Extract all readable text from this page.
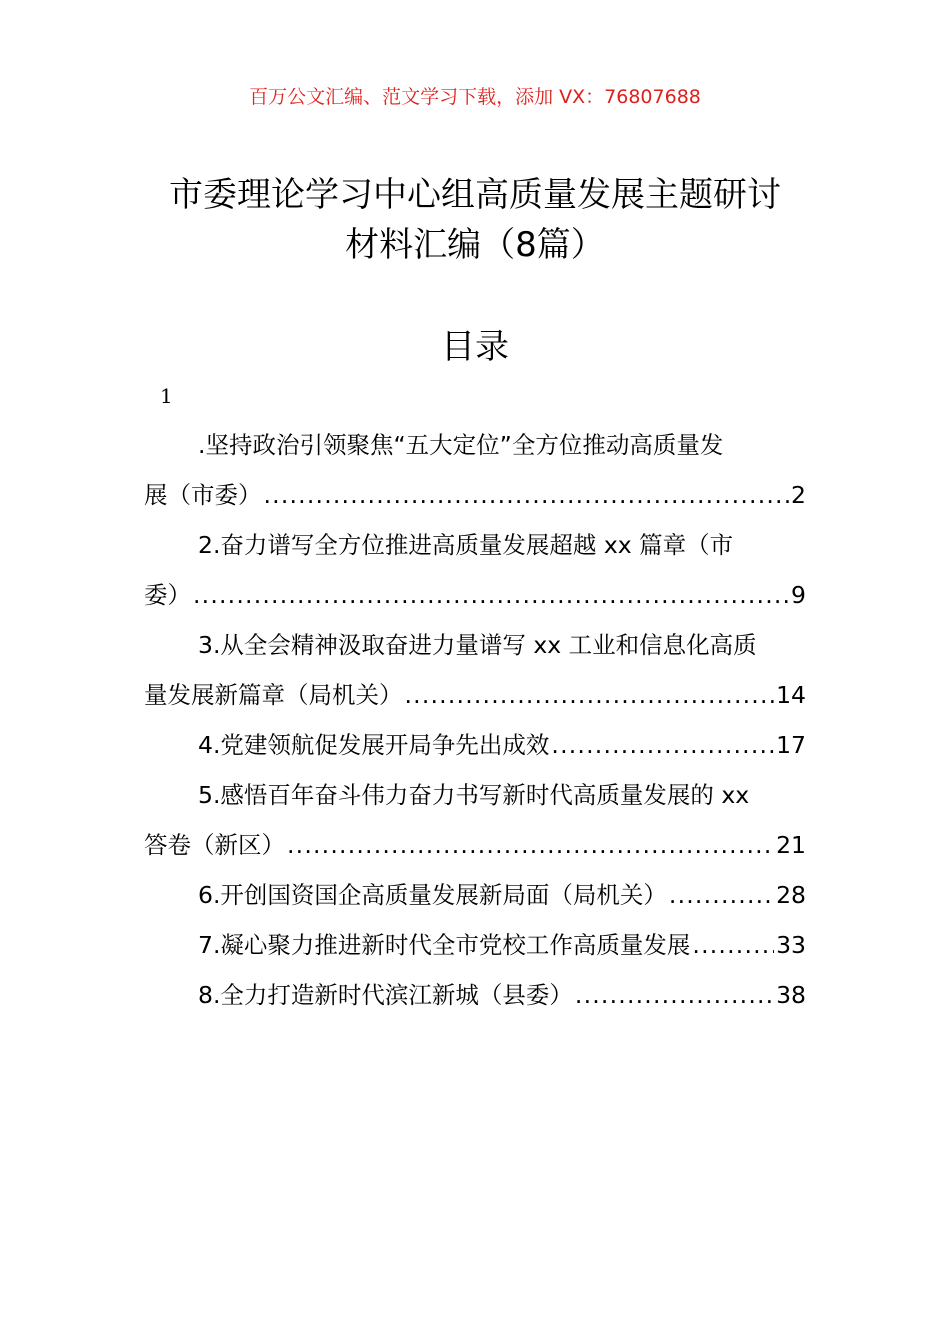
百万公文汇编、范文学习下载，添加 VX：76807688
市委理论学习中心组高质量发展主题研讨
材料汇编（8篇）
目录
1
.坚持政治引领聚焦“五大定位”全方位推动高质量发
展（市委） .....	2
2.奋力谱写全方位推进高质量发展超越 xx 篇章（市
委） .....	9
3.从全会精神汲取奋进力量谱写 xx 工业和信息化高质
量发展新篇章（局机关） .....	14
4.党建领航促发展开局争先出成效 .....	17
5.感悟百年奋斗伟力奋力书写新时代高质量发展的 xx
答卷（新区） .....	21
6.开创国资国企高质量发展新局面（局机关） .....	28
7.凝心聚力推进新时代全市党校工作高质量发展 .....	33
8.全力打造新时代滨江新城（县委） .....	38
